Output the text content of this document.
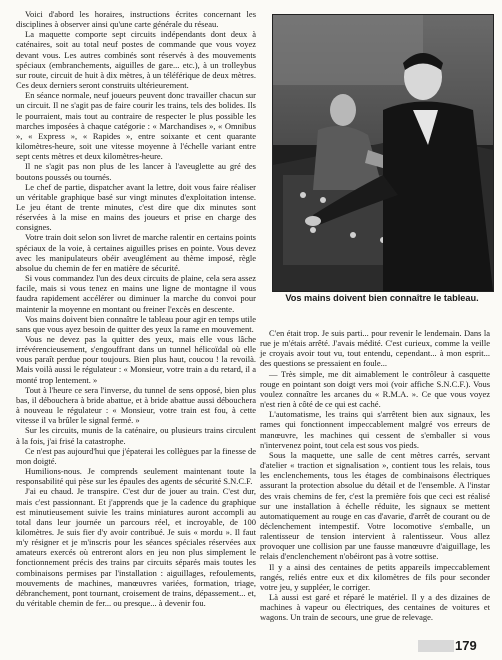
Voici d'abord les horaires, instructions écrites concernant les disciplines à observer ainsi qu'une carte générale du réseau.

La maquette comporte sept circuits indépendants dont deux à caténaires, soit au total neuf postes de commande que vous voyez devant vous. Les autres combinés sont réservés à des mouvements spéciaux (embranchements, aiguilles de gare... etc.), à un trolleybus sur route, circuit de huit à dix mètres, à un téléférique de deux mètres. Ces deux derniers seront construits ultérieurement.

En séance normale, neuf joueurs peuvent donc travailler chacun sur un circuit. Il ne s'agit pas de faire courir les trains, tels des bolides. Ils le pourraient, mais tout au contraire de respecter le plus possible les marches imposées à chaque catégorie : « Marchandises », « Omnibus », « Express », « Rapides », entre soixante et cent quarante kilomètres-heure, soit une vitesse moyenne à l'échelle variant entre sept cents mètres et deux kilomètres-heure.

Il ne s'agit pas non plus de les lancer à l'aveuglette au gré des boutons poussés ou tournés.

Le chef de partie, dispatcher avant la lettre, doit vous faire réaliser un véritable graphique basé sur vingt minutes d'exploitation intense. Le jeu étant de trente minutes, c'est dire que dix minutes sont réservées à la mise en mains des joueurs et prise en charge des consignes.

Votre train doit selon son livret de marche ralentir en certains points spéciaux de la voie, à certaines aiguilles prises en pointe. Vous devez avec les manipulateurs obéir aveuglément au thème imposé, règle absolue du chemin de fer en matière de sécurité.

Si vous commandez l'un des deux circuits de plaine, cela sera assez facile, mais si vous tenez en mains une ligne de montagne il vous faudra rapidement accélérer ou diminuer la marche du convoi pour maintenir la moyenne en montant ou freiner l'excès en descente.

Vos mains doivent bien connaître le tableau pour agir en temps utile sans que vous ayez besoin de quitter des yeux la rame en mouvement.

Vous ne devez pas la quitter des yeux, mais elle vous lâche irrévérencieusement, s'engouffrant dans un tunnel hélicoïdal où elle vous paraît perdue pour toujours. Bien plus haut, coucou ! la revoilà. Mais voilà aussi le régulateur : « Monsieur, votre train a du retard, il a monté trop lentement. »

Tout à l'heure ce sera l'inverse, du tunnel de sens opposé, bien plus bas, il débouchera à bride abattue, et à bride abattue aussi débouchera à nouveau le régulateur : « Monsieur, votre train est fou, à cette vitesse il va brûler le signal fermé. »

Sur les circuits, munis de la caténaire, ou plusieurs trains circulent à la fois, j'ai frisé la catastrophe.

Ce n'est pas aujourd'hui que j'épaterai les collègues par la finesse de mon doigté.

Humilions-nous. Je comprends seulement maintenant toute la responsabilité qui pèse sur les épaules des agents de sécurité S.N.C.F.

J'ai eu chaud. Je transpire. C'est dur de jouer au train. C'est dur, mais c'est passionnant. Et j'apprends que je la cadence du graphique est minutieusement suivie les trains miniatures auront accompli au total dans leur journée un parcours réel, et incroyable, de 100 kilomètres. Je suis fier d'y avoir contribué. Je suis « mordu ». Il faut m'y résigner et je m'inscris pour les séances spéciales réservées aux amateurs exercés où entreront alors en jeu non plus simplement le fonctionnement précis des trains par circuits séparés mais toutes les combinaisons permises par l'installation : aiguillages, refoulements, mouvements de machines, manœuvres variées, formation, triage, débranchement, pont tournant, croisement de trains, dépassement... et, du véritable chemin de fer... ou presque... à devenir fou.

Vos mains doivent bien connaître le tableau.

C'en était trop. Je suis parti... pour revenir le lendemain. Dans la rue je m'étais arrêté. J'avais médité. C'est curieux, comme la veille je croyais avoir tout vu, tout entendu, cependant... à mon esprit... des questions se pressaient en foule...

— Très simple, me dit aimablement le contrôleur à casquette rouge en pointant son doigt vers moi (voir affiche S.N.C.F.). Vous voulez connaître les arcanes du « R.M.A. ». Ce que vous voyez n'est rien à côté de ce qui est caché.

L'automatisme, les trains qui s'arrêtent bien aux signaux, les rames qui fonctionnent impeccablement malgré vos erreurs de manœuvre, les machines qui cessent de s'emballer si vous n'intervenez point, tout cela est sous vos pieds.

Sous la maquette, une salle de cent mètres carrés, servant d'atelier « traction et signalisation », contient tous les relais, tous les enclenchements, tous les étages de combinaisons électriques assurant la protection absolue du détail et de l'ensemble. A l'instar des vrais chemins de fer, c'est la première fois que ceci est réalisé sur une installation à échelle réduite, les signaux se mettent automatiquement au rouge en cas d'avarie, d'arrêt de courant ou de déclenchement intempestif. Votre locomotive s'emballe, un ralentisseur de tension intervient à ralentisseur. Vous allez provoquer une collision par une fausse manœuvre d'aiguillage, les relais d'enclenchement n'obéiront pas à votre sottise.

Il y a ainsi des centaines de petits appareils impeccablement rangés, reliés entre eux et dix kilomètres de fils pour seconder votre jeu, y suppléer, le corriger.

Là aussi est garé et réparé le matériel. Il y a des dizaines de machines à vapeur ou électriques, des centaines de voitures et wagons. Un train de secours, une grue de relevage.

179
